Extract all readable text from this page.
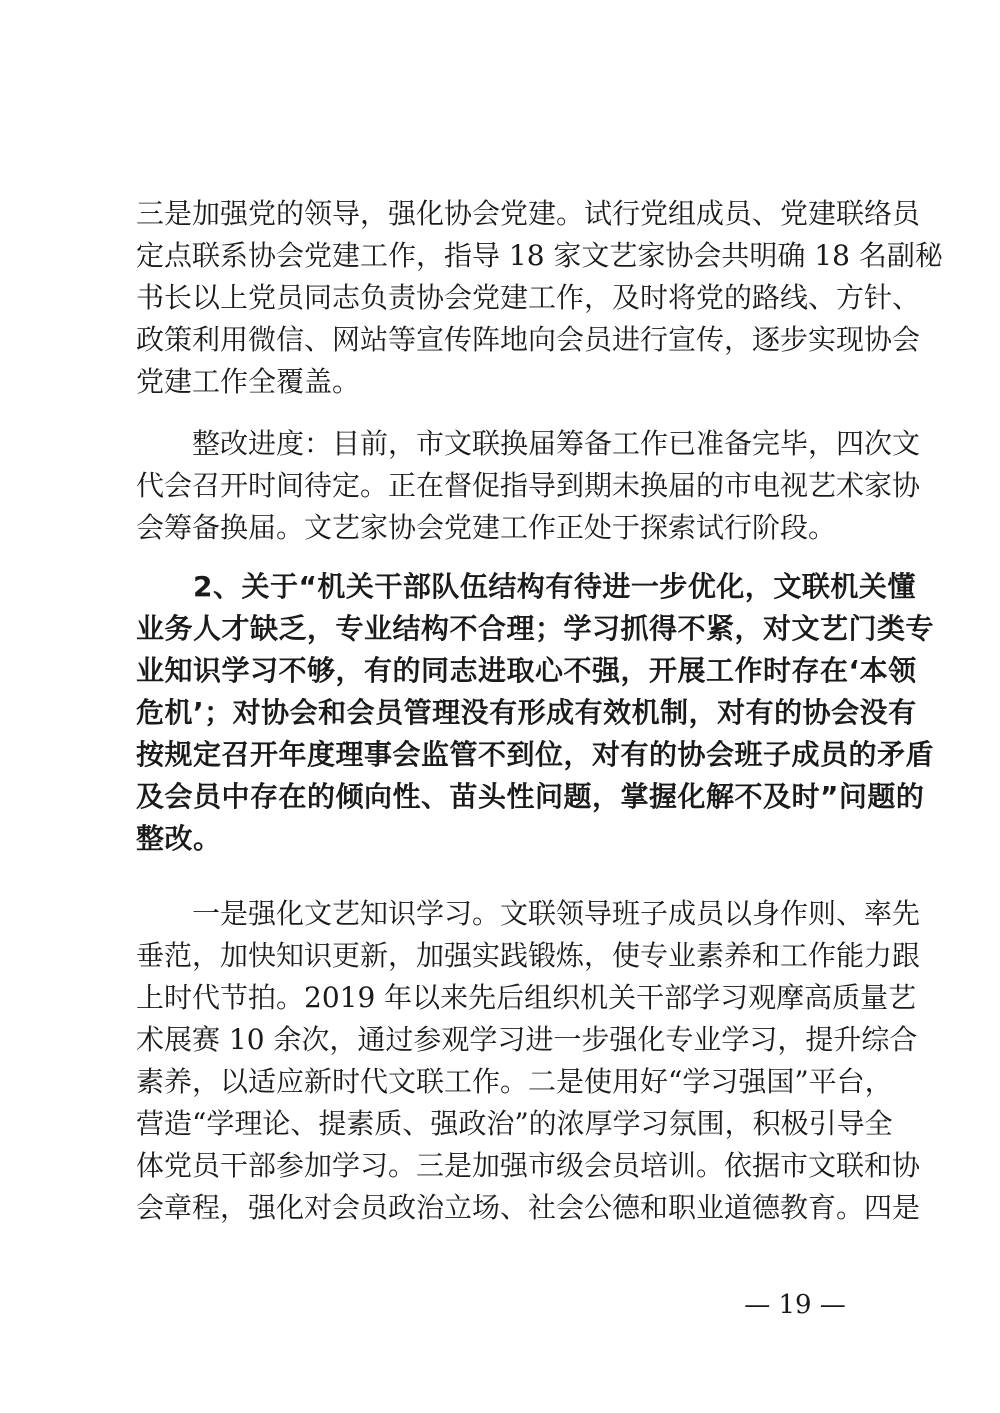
三是加强党的领导，强化协会党建。试行党组成员、党建联络员
定点联系协会党建工作，指导 18 家文艺家协会共明确 18 名副秘
书长以上党员同志负责协会党建工作，及时将党的路线、方针、
政策利用微信、网站等宣传阵地向会员进行宣传，逐步实现协会
党建工作全覆盖。
　　整改进度：目前，市文联换届筹备工作已准备完毕，四次文
代会召开时间待定。正在督促指导到期未换届的市电视艺术家协
会筹备换届。文艺家协会党建工作正处于探索试行阶段。
　　2、关于“机关干部队伍结构有待进一步优化，文联机关懂
业务人才缺乏，专业结构不合理；学习抓得不紧，对文艺门类专
业知识学习不够，有的同志进取心不强，开展工作时存在‘本领
危机’；对协会和会员管理没有形成有效机制，对有的协会没有
按规定召开年度理事会监管不到位，对有的协会班子成员的矛盾
及会员中存在的倾向性、苗头性问题，掌握化解不及时”问题的
整改。
　　一是强化文艺知识学习。文联领导班子成员以身作则、率先
垂范，加快知识更新，加强实践锻炼，使专业素养和工作能力跟
上时代节拍。2019 年以来先后组织机关干部学习观摩高质量艺
术展赛 10 余次，通过参观学习进一步强化专业学习，提升综合
素养，以适应新时代文联工作。二是使用好“学习强国”平台，
营造“学理论、提素质、强政治”的浓厚学习氛围，积极引导全
体党员干部参加学习。三是加强市级会员培训。依据市文联和协
会章程，强化对会员政治立场、社会公德和职业道德教育。四是
— 19 —
